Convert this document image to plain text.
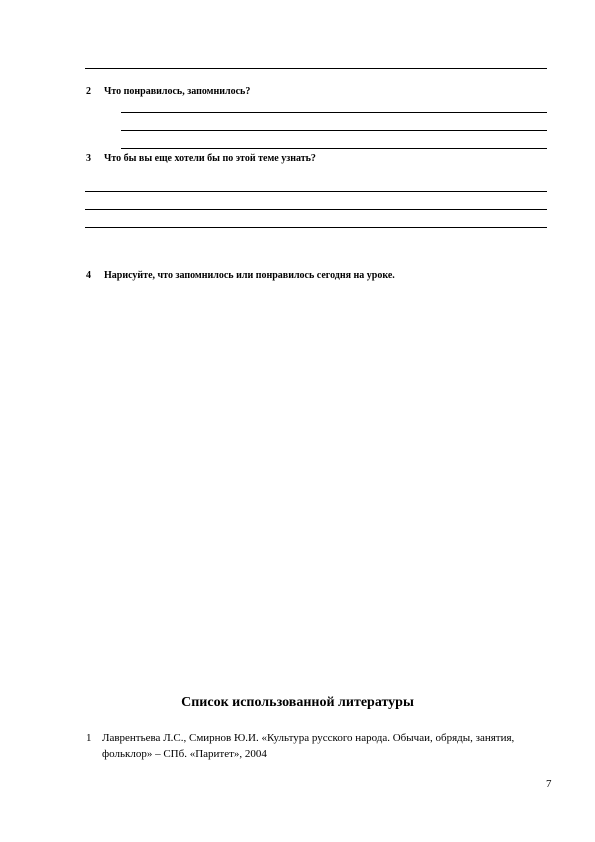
2 Что понравилось, запомнилось?
3 Что бы вы еще хотели бы по этой теме узнать?
4 Нарисуйте, что запомнилось или понравилось сегодня на уроке.
Список использованной литературы
1 Лаврентьева Л.С., Смирнов Ю.И. «Культура русского народа. Обычаи, обряды, занятия, фольклор» – СПб. «Паритет», 2004
7
